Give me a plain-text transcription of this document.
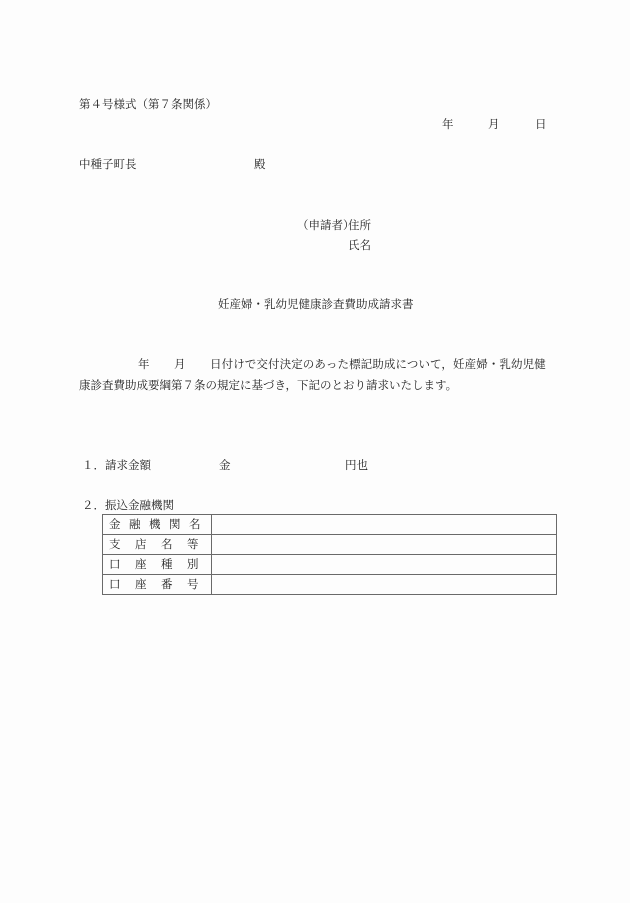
第４号様式（第７条関係）
年	月	日
中種子町長	殿
（申請者）
住所
氏名
妊産婦・乳幼児健康診査費助成請求書
年 月 日付けで交付決定のあった標記助成について，妊産婦・乳幼児健
康診査費助成要綱第７条の規定に基づき，下記のとおり請求いたします。
１．請求金額	金	円也
２．振込金融機関
金 融 機 関 名	
支 店 名 等	
口 座 種 別	
口 座 番 号	
